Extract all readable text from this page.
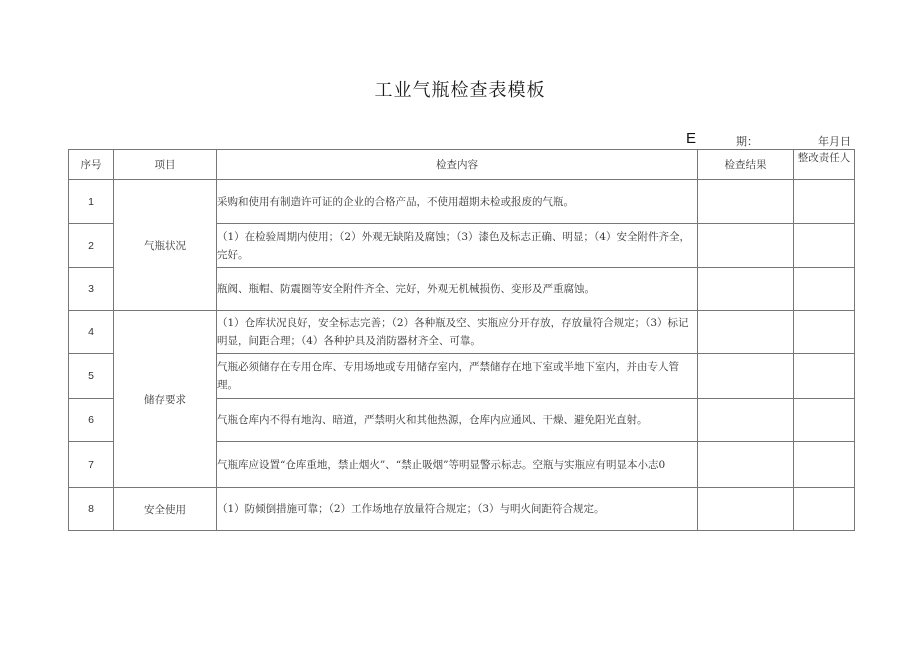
工业气瓶检查表模板
E	期：	年月日
序号	项目	检查内容	检查结果	整改责任人
1	气瓶状况	采购和使用有制造许可证的企业的合格产品，不使用超期未检或报废的气瓶。		
2		（1）在检验周期内使用；（2）外观无缺陷及腐蚀；（3）漆色及标志正确、明显；（4）安全附件齐全，完好。		
3		瓶阀、瓶帽、防震圈等安全附件齐全、完好，外观无机械损伤、变形及严重腐蚀。		
4	储存要求	（1）仓库状况良好，安全标志完善；（2）各种瓶及空、实瓶应分开存放，存放量符合规定；（3）标记明显，间距合理；（4）各种护具及消防器材齐全、可靠。		
5		气瓶必须储存在专用仓库、专用场地或专用储存室内，严禁储存在地下室或半地下室内，并由专人管理。		
6		气瓶仓库内不得有地沟、暗道，严禁明火和其他热源，仓库内应通风、干燥、避免阳光直射。		
7		气瓶库应设置“仓库重地，禁止烟火”、“禁止吸烟”等明显警示标志。空瓶与实瓶应有明显本小志0		
8	安全使用	（1）防倾倒措施可靠；（2）工作场地存放量符合规定；（3）与明火间距符合规定。		
